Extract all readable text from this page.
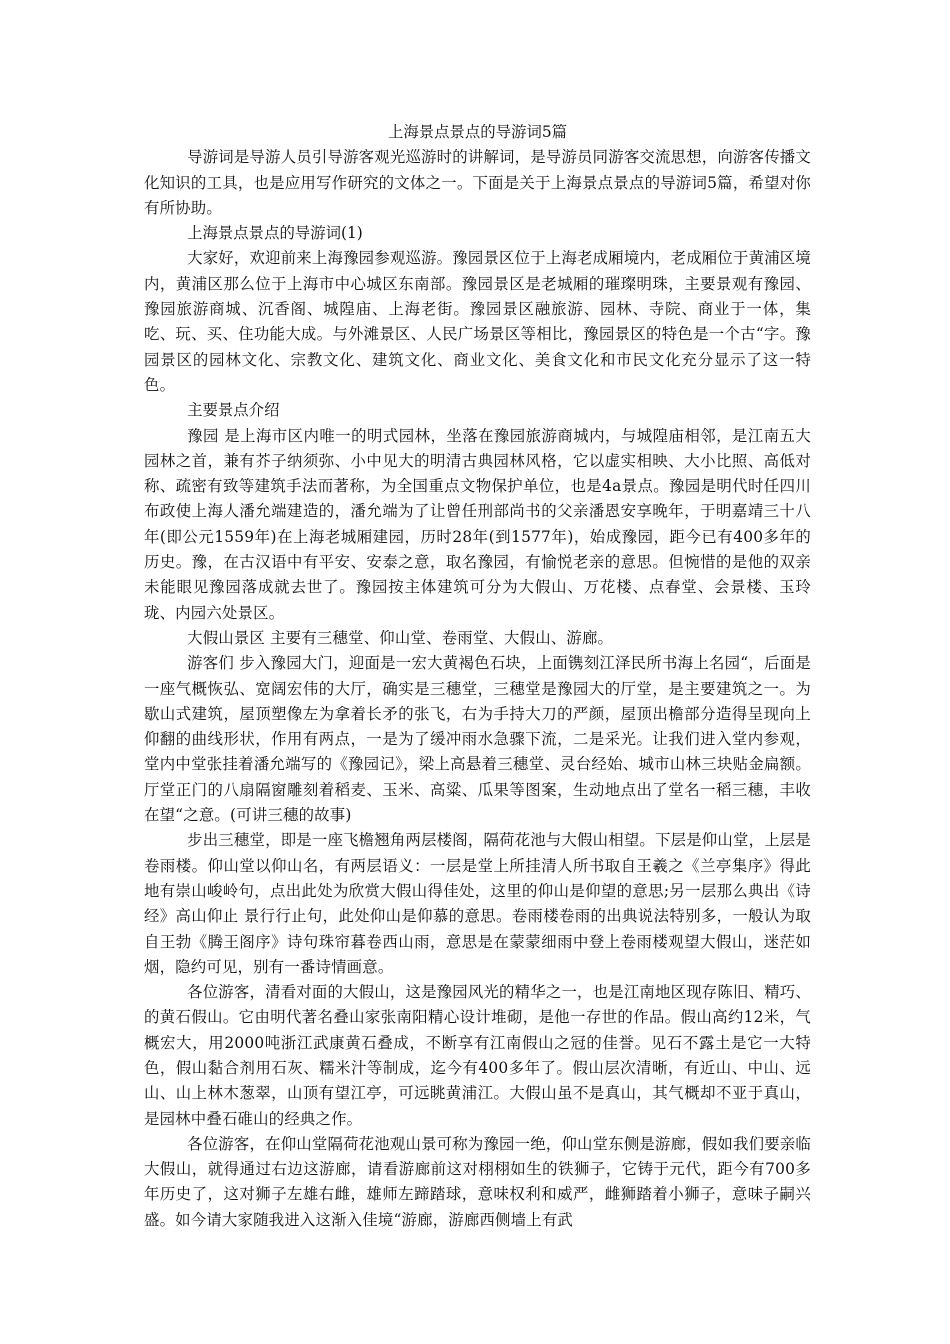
上海景点景点的导游词5篇

导游词是导游人员引导游客观光巡游时的讲解词，是导游员同游客交流思想，向游客传播文化知识的工具，也是应用写作研究的文体之一。下面是关于上海景点景点的导游词5篇，希望对你有所协助。

上海景点景点的导游词(1)

大家好，欢迎前来上海豫园参观巡游。豫园景区位于上海老成厢境内，老成厢位于黄浦区境内，黄浦区那么位于上海市中心城区东南部。豫园景区是老城厢的璀璨明珠，主要景观有豫园、豫园旅游商城、沉香阁、城隍庙、上海老街。豫园景区融旅游、园林、寺院、商业于一体，集吃、玩、买、住功能大成。与外滩景区、人民广场景区等相比，豫园景区的特色是一个古“字。豫园景区的园林文化、宗教文化、建筑文化、商业文化、美食文化和市民文化充分显示了这一特色。

主要景点介绍

豫园 是上海市区内唯一的明式园林，坐落在豫园旅游商城内，与城隍庙相邻，是江南五大园林之首，兼有芥子纳须弥、小中见大的明清古典园林风格，它以虚实相映、大小比照、高低对称、疏密有致等建筑手法而著称，为全国重点文物保护单位，也是4a景点。豫园是明代时任四川布政使上海人潘允端建造的，潘允端为了让曾任刑部尚书的父亲潘恩安享晚年，于明嘉靖三十八年(即公元1559年)在上海老城厢建园，历时28年(到1577年)，始成豫园，距今已有400多年的历史。豫，在古汉语中有平安、安泰之意，取名豫园，有愉悦老亲的意思。但惋惜的是他的双亲未能眼见豫园落成就去世了。豫园按主体建筑可分为大假山、万花楼、点春堂、会景楼、玉玲珑、内园六处景区。

大假山景区 主要有三穗堂、仰山堂、卷雨堂、大假山、游廊。

游客们 步入豫园大门，迎面是一宏大黄褐色石块，上面镌刻江泽民所书海上名园“，后面是一座气概恢弘、宽阔宏伟的大厅，确实是三穗堂，三穗堂是豫园大的厅堂，是主要建筑之一。为歇山式建筑，屋顶塑像左为拿着长矛的张飞，右为手持大刀的严颜，屋顶出檐部分造得呈现向上仰翻的曲线形状，作用有两点，一是为了缓冲雨水急骤下流，二是采光。让我们进入堂内参观，堂内中堂张挂着潘允端写的《豫园记》，梁上高悬着三穗堂、灵台经始、城市山林三块贴金扁额。厅堂正门的八扇隔窗雕刻着稻麦、玉米、高粱、瓜果等图案，生动地点出了堂名一稻三穗，丰收在望“之意。(可讲三穗的故事)

步出三穗堂，即是一座飞檐翘角两层楼阁，隔荷花池与大假山相望。下层是仰山堂，上层是卷雨楼。仰山堂以仰山名，有两层语义：一层是堂上所挂清人所书取自王羲之《兰亭集序》得此地有崇山峻岭句，点出此处为欣赏大假山得佳处，这里的仰山是仰望的意思;另一层那么典出《诗经》高山仰止 景行行止句，此处仰山是仰慕的意思。卷雨楼卷雨的出典说法特别多，一般认为取自王勃《腾王阁序》诗句珠帘暮卷西山雨，意思是在蒙蒙细雨中登上卷雨楼观望大假山，迷茫如烟，隐约可见，别有一番诗情画意。

各位游客，清看对面的大假山，这是豫园风光的精华之一，也是江南地区现存陈旧、精巧、的黄石假山。它由明代著名叠山家张南阳精心设计堆砌，是他一存世的作品。假山高约12米，气概宏大，用2000吨浙江武康黄石叠成，不断享有江南假山之冠的佳誉。见石不露土是它一大特色，假山黏合剂用石灰、糯米汁等制成，迄今有400多年了。假山层次清晰，有近山、中山、远山、山上林木葱翠，山顶有望江亭，可远眺黄浦江。大假山虽不是真山，其气概却不亚于真山，是园林中叠石碓山的经典之作。

各位游客，在仰山堂隔荷花池观山景可称为豫园一绝，仰山堂东侧是游廊，假如我们要亲临大假山，就得通过右边这游廊，请看游廊前这对栩栩如生的铁狮子，它铸于元代，距今有700多年历史了，这对狮子左雄右雌，雄师左蹄踏球，意味权利和威严，雌狮踏着小狮子，意味子嗣兴盛。如今请大家随我进入这渐入佳境“游廊，游廊西侧墙上有武
